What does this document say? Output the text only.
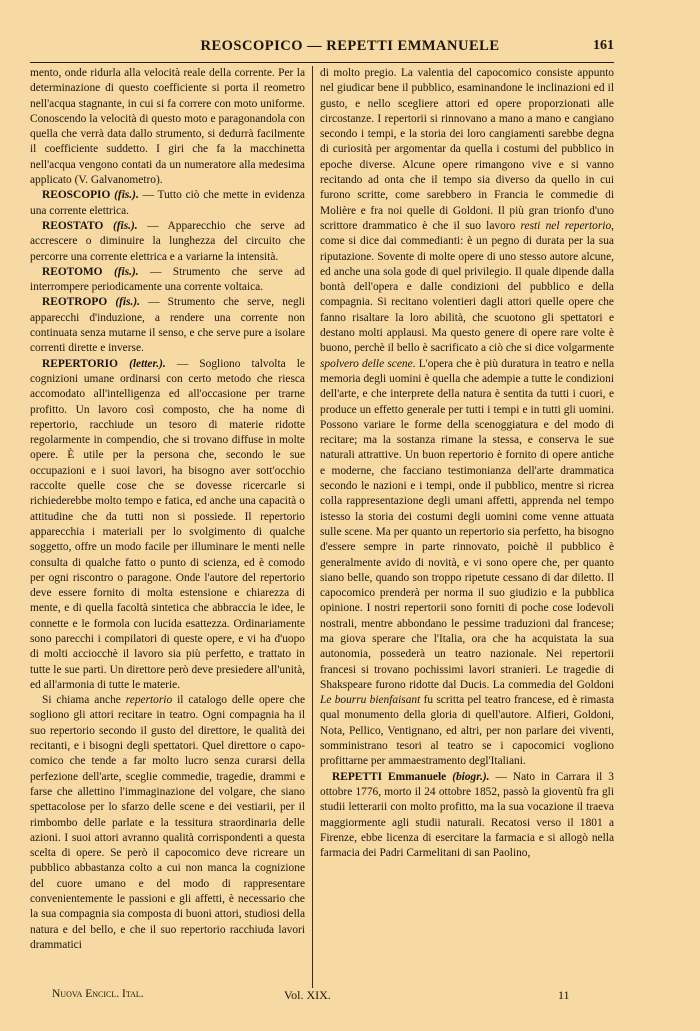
REOSCOPICO — REPETTI EMMANUELE	161

mento, onde ridurla alla velocità reale della corrente. Per la determinazione di questo coefficiente si porta il reometro nell'acqua stagnante, in cui si fa correre con moto uniforme. Conoscendo la velocità di questo moto e paragonandola con quella che verrà data dallo strumento, si dedurrà facilmente il coefficiente suddetto. I giri che fa la macchinetta nell'acqua vengono contati da un numeratore alla medesima applicato (V. Galvanometro).

REOSCOPIO (fis.). — Tutto ciò che mette in evidenza una corrente elettrica.

REOSTATO (fis.). — Apparecchio che serve ad accrescere o diminuire la lunghezza del circuito che percorre una corrente elettrica e a variarne la intensità.

REOTOMO (fis.). — Strumento che serve ad interrompere periodicamente una corrente voltaica.

REOTROPO (fis.). — Strumento che serve, negli apparecchi d'induzione, a rendere una corrente non continuata senza mutarne il senso, e che serve pure a isolare correnti dirette e inverse.

REPERTORIO (letter.). — Sogliono talvolta le cognizioni umane ordinarsi con certo metodo che riesca accomodato all'intelligenza ed all'occasione per trarne profitto. Un lavoro così composto, che ha nome di repertorio, racchiude un tesoro di materie ridotte regolarmente in compendio, che si trovano diffuse in molte opere. È utile per la persona che, secondo le sue occupazioni e i suoi lavori, ha bisogno aver sott'occhio raccolte quelle cose che se dovesse ricercarle si richiederebbe molto tempo e fatica, ed anche una capacità o attitudine che da tutti non si possiede. Il repertorio apparecchia i materiali per lo svolgimento di qualche soggetto, offre un modo facile per illuminare le menti nelle consulta di qualche fatto o punto di scienza, ed è comodo per ogni riscontro o paragone. Onde l'autore del repertorio deve essere fornito di molta estensione e chiarezza di mente, e di quella facoltà sintetica che abbraccia le idee, le connette e le formola con lucida esattezza. Ordinariamente sono parecchi i compilatori di queste opere, e vi ha d'uopo di molti acciocchè il lavoro sia più perfetto, e trattato in tutte le sue parti. Un direttore però deve presiedere all'unità, ed all'armonia di tutte le materie.

Si chiama anche repertorio il catalogo delle opere che sogliono gli attori recitare in teatro. Ogni compagnia ha il suo repertorio secondo il gusto del direttore, le qualità dei recitanti, e i bisogni degli spettatori. Quel direttore o capo-comico che tende a far molto lucro senza curarsi della perfezione dell'arte, sceglie commedie, tragedie, drammi e farse che allettino l'immaginazione del volgare, che siano spettacolose per lo sfarzo delle scene e dei vestiarii, per il rimbombo delle parlate e la tessitura straordinaria delle azioni. I suoi attori avranno qualità corrispondenti a questa scelta di opere. Se però il capocomico deve ricreare un pubblico abbastanza colto a cui non manca la cognizione del cuore umano e del modo di rappresentare convenientemente le passioni e gli affetti, è necessario che la sua compagnia sia composta di buoni attori, studiosi della natura e del bello, e che il suo repertorio racchiuda lavori drammatici

di molto pregio. La valentia del capocomico consiste appunto nel giudicar bene il pubblico, esaminandone le inclinazioni ed il gusto, e nello scegliere attori ed opere proporzionati alle circostanze. I repertorii si rinnovano a mano a mano e cangiano secondo i tempi, e la storia dei loro cangiamenti sarebbe degna di curiosità per argomentar da quella i costumi del pubblico in epoche diverse. Alcune opere rimangono vive e si vanno recitando ad onta che il tempo sia diverso da quello in cui furono scritte, come sarebbero in Francia le commedie di Molière e fra noi quelle di Goldoni. Il più gran trionfo d'uno scrittore drammatico è che il suo lavoro resti nel repertorio, come si dice dai commedianti: è un pegno di durata per la sua riputazione. Sovente di molte opere di uno stesso autore alcune, ed anche una sola gode di quel privilegio. Il quale dipende dalla bontà dell'opera e dalle condizioni del pubblico e della compagnia. Si recitano volentieri dagli attori quelle opere che fanno risaltare la loro abilità, che scuotono gli spettatori e destano molti applausi. Ma questo genere di opere rare volte è buono, perchè il bello è sacrificato a ciò che si dice volgarmente spolvero delle scene. L'opera che è più duratura in teatro e nella memoria degli uomini è quella che adempie a tutte le condizioni dell'arte, e che interprete della natura è sentita da tutti i cuori, e produce un effetto generale per tutti i tempi e in tutti gli uomini. Possono variare le forme della scenoggiatura e del modo di recitare; ma la sostanza rimane la stessa, e conserva le sue naturali attrattive. Un buon repertorio è fornito di opere antiche e moderne, che facciano testimonianza dell'arte drammatica secondo le nazioni e i tempi, onde il pubblico, mentre si ricrea colla rappresentazione degli umani affetti, apprenda nel tempo istesso la storia dei costumi degli uomini come venne attuata sulle scene. Ma per quanto un repertorio sia perfetto, ha bisogno d'essere sempre in parte rinnovato, poichè il pubblico è generalmente avido di novità, e vi sono opere che, per quanto siano belle, quando son troppo ripetute cessano di dar diletto. Il capocomico prenderà per norma il suo giudizio e la pubblica opinione. I nostri repertorii sono forniti di poche cose lodevoli nostrali, mentre abbondano le pessime traduzioni dal francese; ma giova sperare che l'Italia, ora che ha acquistata la sua autonomia, possederà un teatro nazionale. Nei repertorii francesi si trovano pochissimi lavori stranieri. Le tragedie di Shakspeare furono ridotte dal Ducis. La commedia del Goldoni Le bourru bienfaisant fu scritta pel teatro francese, ed è rimasta qual monumento della gloria di quell'autore. Alfieri, Goldoni, Nota, Pellico, Ventignano, ed altri, per non parlare dei viventi, somministrano tesori al teatro se i capocomici vogliono profittarne per ammaestramento degl'Italiani.

REPETTI Emmanuele (biogr.). — Nato in Carrara il 3 ottobre 1776, morto il 24 ottobre 1852, passò la gioventù fra gli studii letterarii con molto profitto, ma la sua vocazione il traeva maggiormente agli studii naturali. Recatosi verso il 1801 a Firenze, ebbe licenza di esercitare la farmacia e si allogò nella farmacia dei Padri Carmelitani di san Paolino,

Nuova Encicl. Ital.	Vol. XIX.	11
